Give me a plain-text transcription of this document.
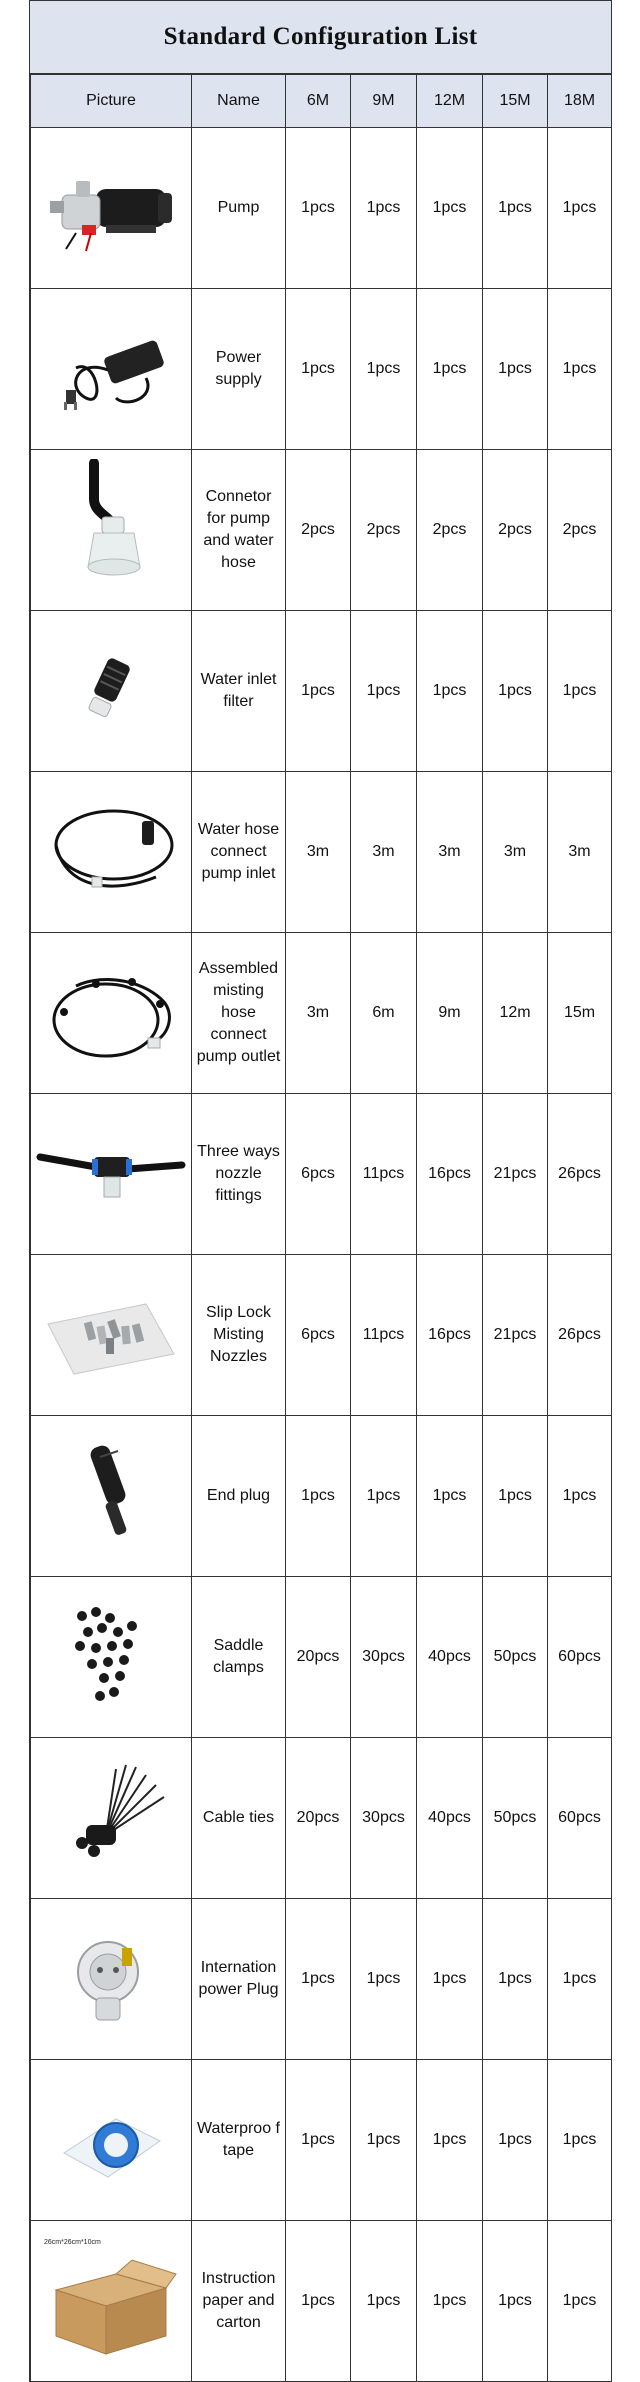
Standard Configuration List
Picture	Name	6M	9M	12M	15M	18M

	Pump	1pcs	1pcs	1pcs	1pcs	1pcs

	Power supply	1pcs	1pcs	1pcs	1pcs	1pcs

	Connetor for pump and water hose	2pcs	2pcs	2pcs	2pcs	2pcs

	Water inlet filter	1pcs	1pcs	1pcs	1pcs	1pcs

	Water hose connect pump inlet	3m	3m	3m	3m	3m

	Assembled misting hose connect pump outlet	3m	6m	9m	12m	15m

	Three ways nozzle fittings	6pcs	11pcs	16pcs	21pcs	26pcs

	Slip Lock Misting Nozzles	6pcs	11pcs	16pcs	21pcs	26pcs

	End plug	1pcs	1pcs	1pcs	1pcs	1pcs

	Saddle clamps	20pcs	30pcs	40pcs	50pcs	60pcs

	Cable ties	20pcs	30pcs	40pcs	50pcs	60pcs

	Internation power Plug	1pcs	1pcs	1pcs	1pcs	1pcs

	Waterproo f tape	1pcs	1pcs	1pcs	1pcs	1pcs

26cm*26cm*10cm	Instruction paper and carton	1pcs	1pcs	1pcs	1pcs	1pcs
